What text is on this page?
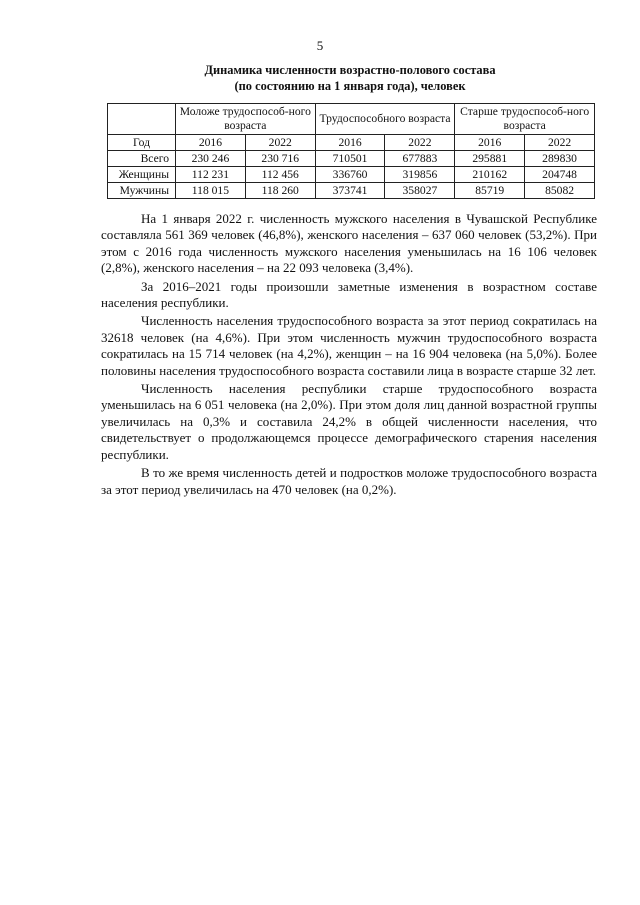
5
Динамика численности возрастно-полового состава
(по состоянию на 1 января года), человек
	Моложе трудоспособ-ного возраста		Трудоспособного возраста		Старше трудоспособ-ного возраста	
Год	2016	2022	2016	2022	2016	2022
Всего	230 246	230 716	710501	677883	295881	289830
Женщины	112 231	112 456	336760	319856	210162	204748
Мужчины	118 015	118 260	373741	358027	85719	85082

На 1 января 2022 г. численность мужского населения в Чувашской Республике составляла 561 369 человек (46,8%), женского населения – 637 060 человек (53,2%). При этом с 2016 года численность мужского населения уменьшилась на 16 106 человек (2,8%), женского населения – на 22 093 человека (3,4%).

За 2016–2021 годы произошли заметные изменения в возрастном составе населения республики.

Численность населения трудоспособного возраста за этот период сократилась на 32618 человек (на 4,6%). При этом численность мужчин трудоспособного возраста сократилась на 15 714 человек (на 4,2%), женщин – на 16 904 человека (на 5,0%). Более половины населения трудоспособного возраста составили лица в возрасте старше 32 лет.

Численность населения республики старше трудоспособного возраста уменьшилась на 6 051 человека (на 2,0%). При этом доля лиц данной возрастной группы увеличилась на 0,3% и составила 24,2% в общей численности населения, что свидетельствует о продолжающемся процессе демографического старения населения республики.

В то же время численность детей и подростков моложе трудоспособного возраста за этот период увеличилась на 470 человек (на 0,2%).
